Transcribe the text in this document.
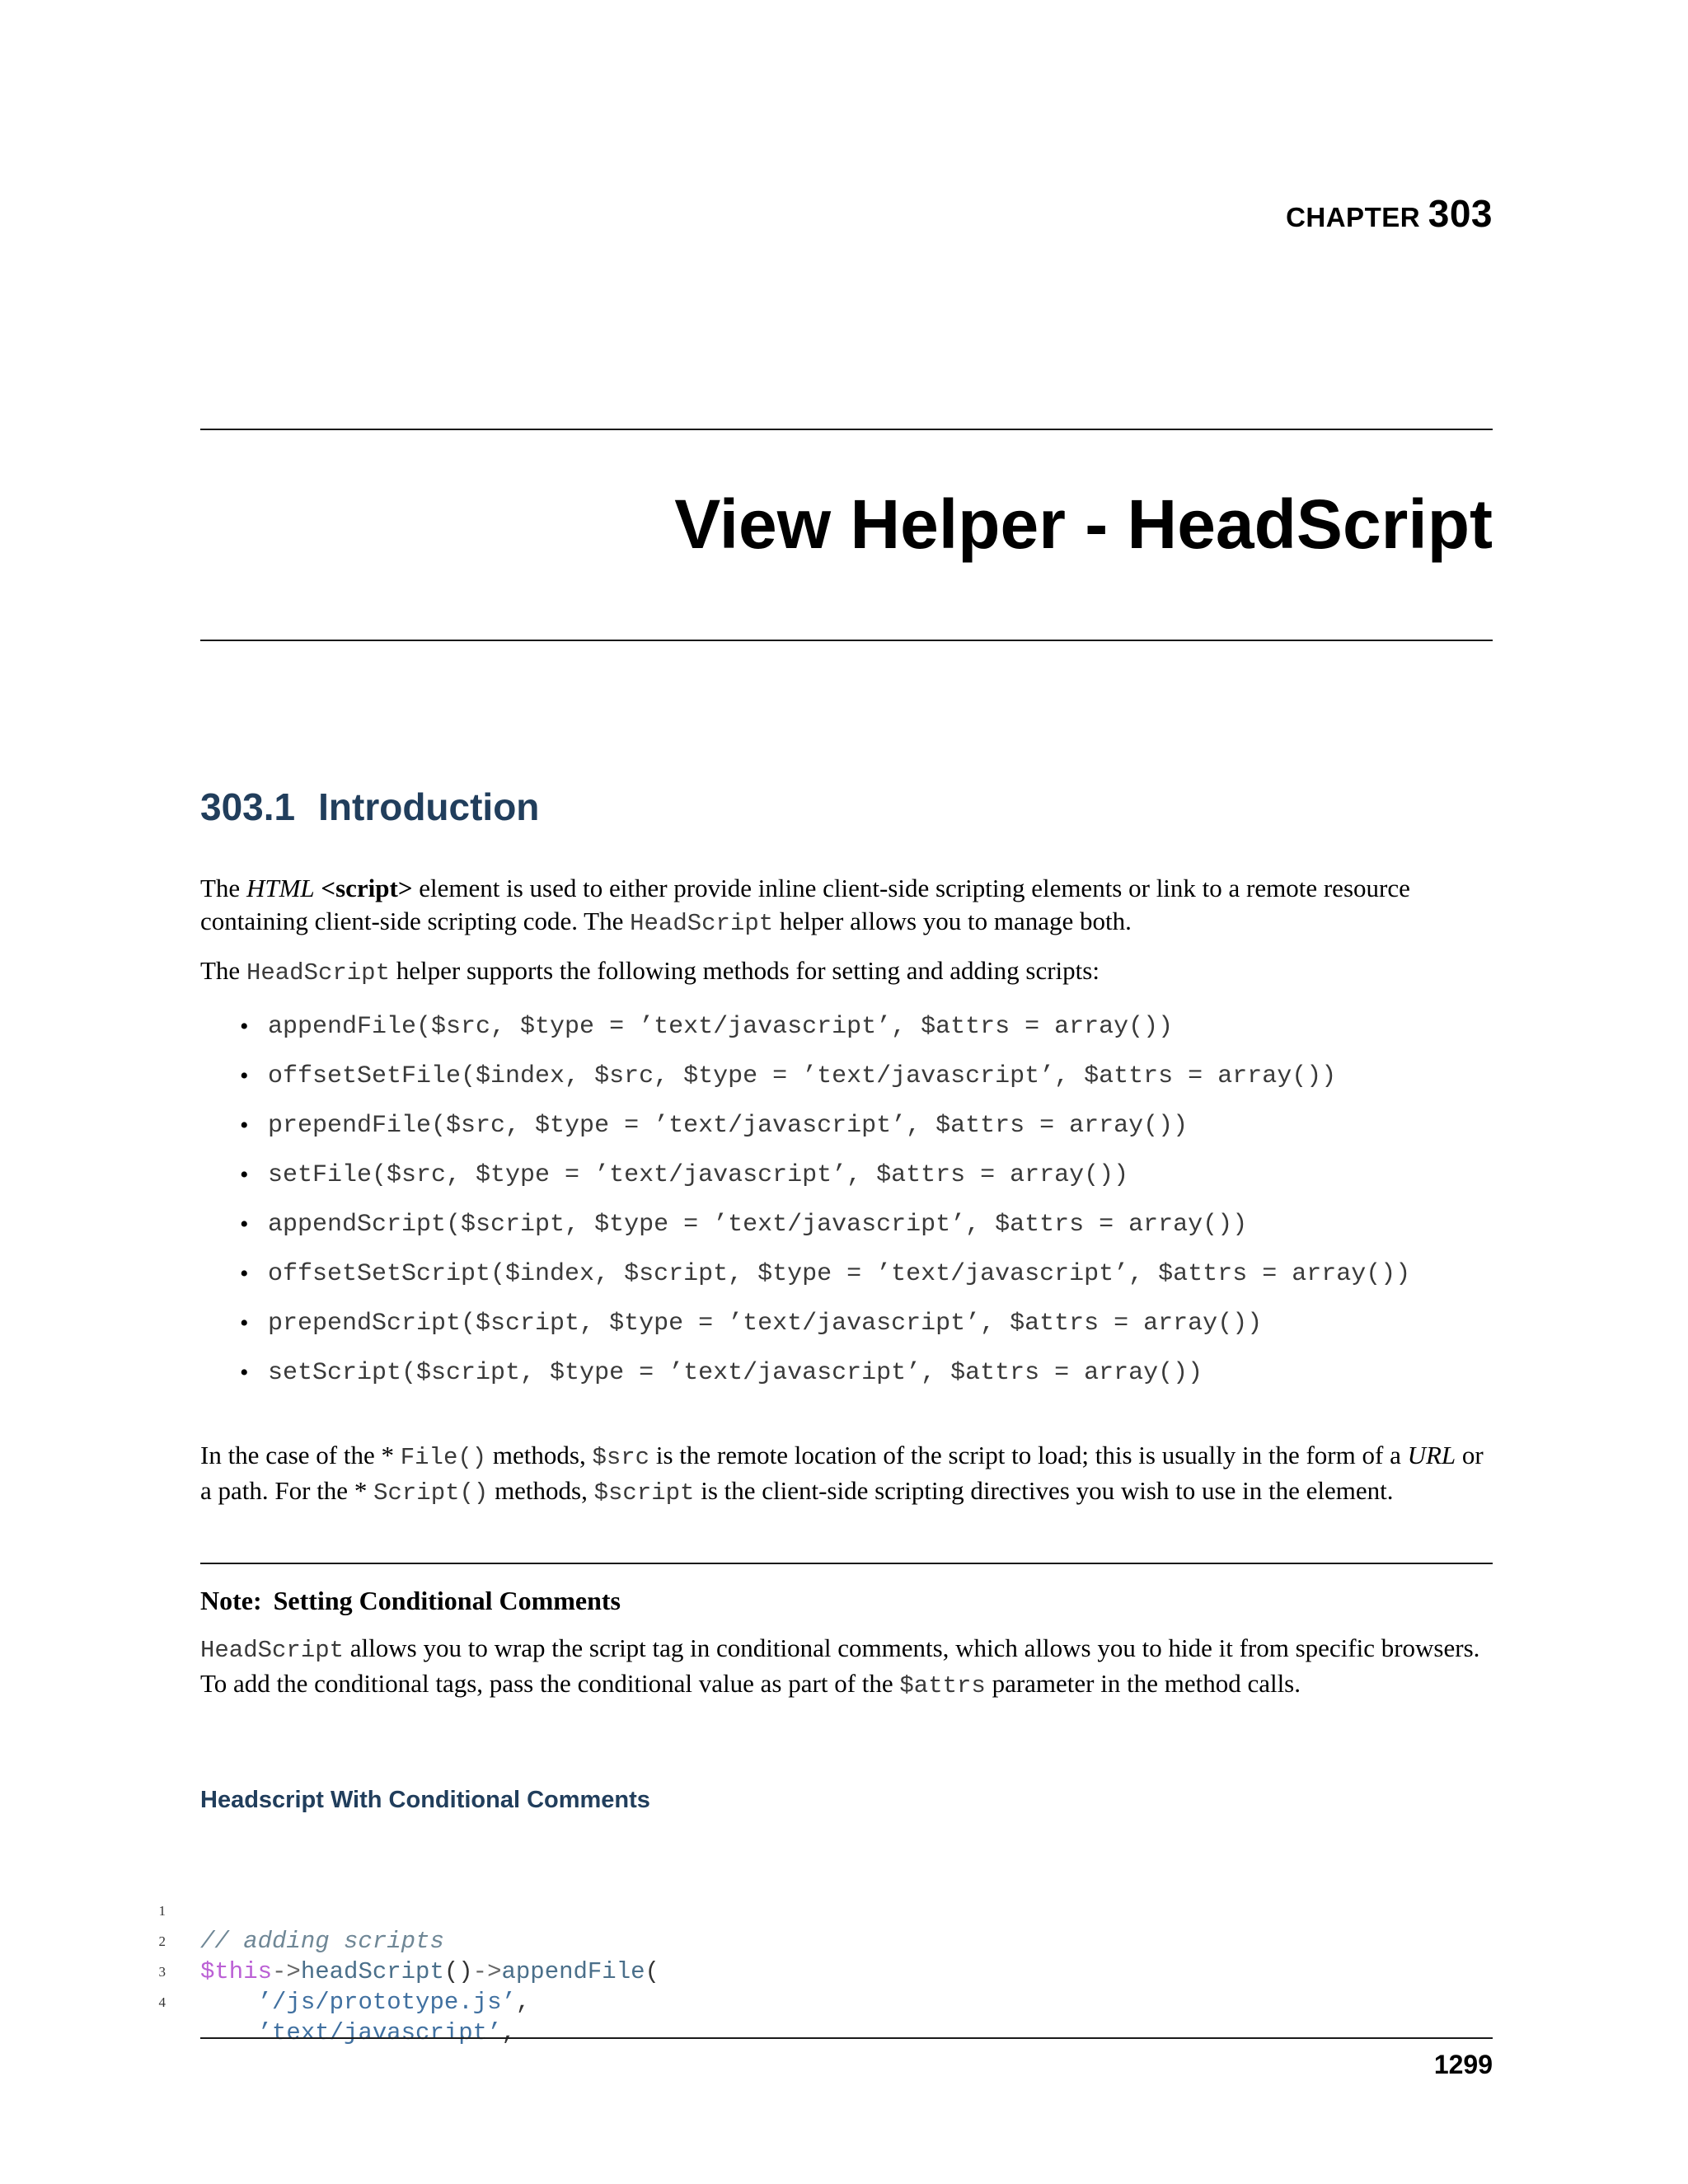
CHAPTER 303
View Helper - HeadScript
303.1 Introduction
The HTML <script> element is used to either provide inline client-side scripting elements or link to a remote resource containing client-side scripting code. The HeadScript helper allows you to manage both.
The HeadScript helper supports the following methods for setting and adding scripts:
• appendFile($src, $type = ’text/javascript’, $attrs = array())
• offsetSetFile($index, $src, $type = ’text/javascript’, $attrs = array())
• prependFile($src, $type = ’text/javascript’, $attrs = array())
• setFile($src, $type = ’text/javascript’, $attrs = array())
• appendScript($script, $type = ’text/javascript’, $attrs = array())
• offsetSetScript($index, $script, $type = ’text/javascript’, $attrs = array())
• prependScript($script, $type = ’text/javascript’, $attrs = array())
• setScript($script, $type = ’text/javascript’, $attrs = array())
In the case of the * File() methods, $src is the remote location of the script to load; this is usually in the form of a URL or a path. For the * Script() methods, $script is the client-side scripting directives you wish to use in the element.
Note: Setting Conditional Comments
HeadScript allows you to wrap the script tag in conditional comments, which allows you to hide it from specific browsers. To add the conditional tags, pass the conditional value as part of the $attrs parameter in the method calls.
Headscript With Conditional Comments

1

// adding scripts

2

$this->headScript()->appendFile(

3

’/js/prototype.js’,

4

’text/javascript’,

1299
